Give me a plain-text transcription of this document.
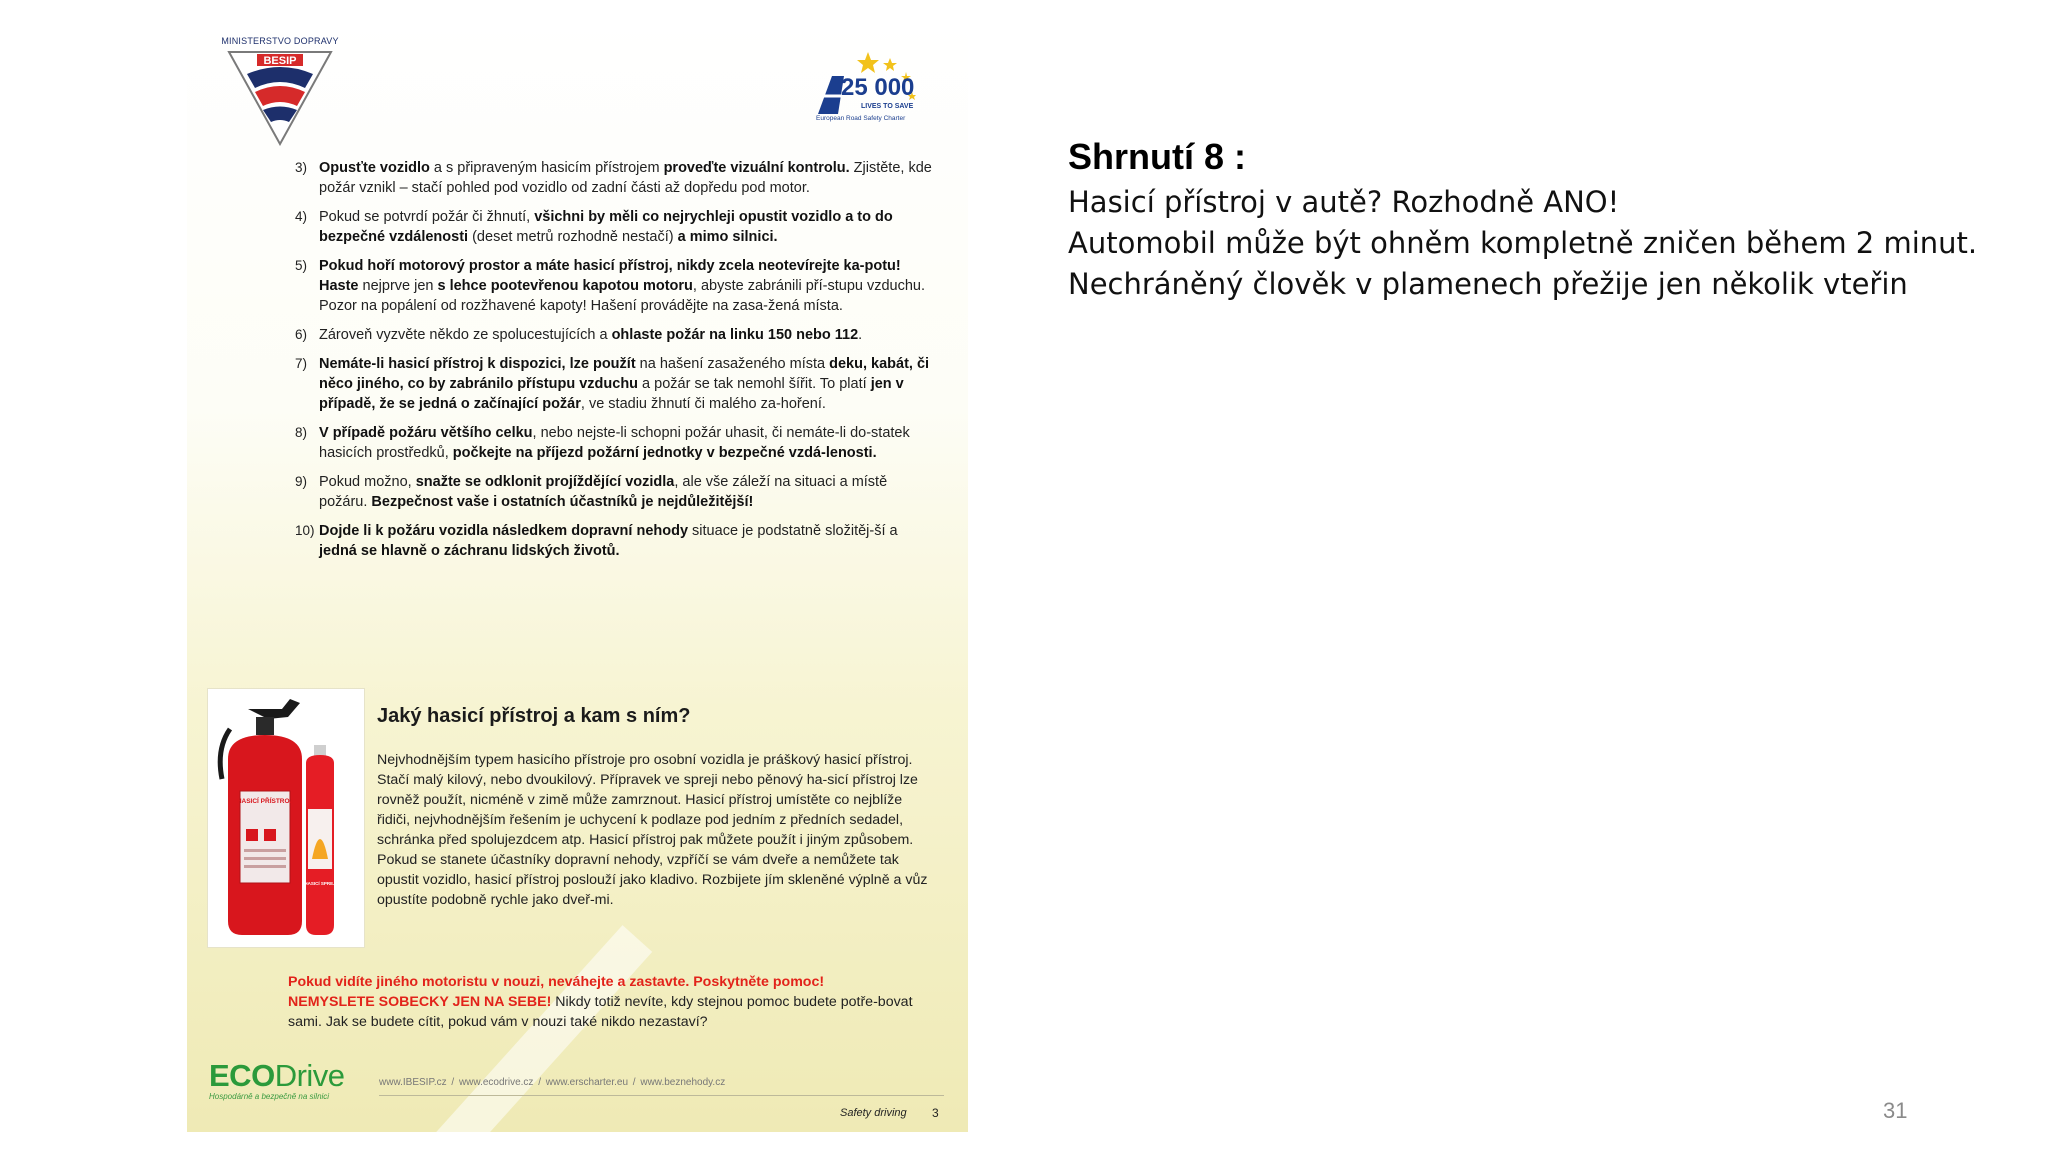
MINISTERSTVO DOPRAVY
BESIP
25 000
LIVES TO SAVE
European Road Safety Charter
3) Opusťte vozidlo a s připraveným hasicím přístrojem proveďte vizuální kontrolu. Zjistěte, kde požár vznikl – stačí pohled pod vozidlo od zadní části až dopředu pod motor.
4) Pokud se potvrdí požár či žhnutí, všichni by měli co nejrychleji opustit vozidlo a to do bezpečné vzdálenosti (deset metrů rozhodně nestačí) a mimo silnici.
5) Pokud hoří motorový prostor a máte hasicí přístroj, nikdy zcela neotevírejte ka-potu! Haste nejprve jen s lehce pootevřenou kapotou motoru, abyste zabránili pří-stupu vzduchu. Pozor na popálení od rozžhavené kapoty! Hašení provádějte na zasa-žená místa.
6) Zároveň vyzvěte někdo ze spolucestujících a ohlaste požár na linku 150 nebo 112.
7) Nemáte-li hasicí přístroj k dispozici, lze použít na hašení zasaženého místa deku, kabát, či něco jiného, co by zabránilo přístupu vzduchu a požár se tak nemohl šířit. To platí jen v případě, že se jedná o začínající požár, ve stadiu žhnutí či malého za-hoření.
8) V případě požáru většího celku, nebo nejste-li schopni požár uhasit, či nemáte-li do-statek hasicích prostředků, počkejte na příjezd požární jednotky v bezpečné vzdá-lenosti.
9) Pokud možno, snažte se odklonit projíždějící vozidla, ale vše záleží na situaci a místě požáru. Bezpečnost vaše i ostatních účastníků je nejdůležitější!
10) Dojde li k požáru vozidla následkem dopravní nehody situace je podstatně složitěj-ší a jedná se hlavně o záchranu lidských životů.
HASICÍ PŘÍSTROJ
HASICÍ SPREJ
Jaký hasicí přístroj a kam s ním?
Nejvhodnějším typem hasicího přístroje pro osobní vozidla je práškový hasicí přístroj. Stačí malý kilový, nebo dvoukilový. Přípravek ve spreji nebo pěnový ha-sicí přístroj lze rovněž použít, nicméně v zimě může zamrznout. Hasicí přístroj umístěte co nejblíže řidiči, nejvhodnějším řešením je uchycení k podlaze pod jedním z předních sedadel, schránka před spolujezdcem atp. Hasicí přístroj pak můžete použít i jiným způsobem. Pokud se stanete účastníky dopravní nehody, vzpříčí se vám dveře a nemůžete tak opustit vozidlo, hasicí přístroj poslouží jako kladivo. Rozbijete jím skleněné výplně a vůz opustíte podobně rychle jako dveř-mi.
Pokud vidíte jiného motoristu v nouzi, neváhejte a zastavte. Poskytněte pomoc!
NEMYSLETE SOBECKY JEN NA SEBE! Nikdy totiž nevíte, kdy stejnou pomoc budete potře-bovat sami. Jak se budete cítit, pokud vám v nouzi také nikdo nezastaví?
ECODrive
Hospodárně a bezpečně na silnici
www.IBESIP.cz / www.ecodrive.cz / www.erscharter.eu / www.beznehody.cz
Safety driving 3
Shrnutí 8 :
Hasicí přístroj v autě? Rozhodně ANO!
Automobil může být ohněm kompletně zničen během 2 minut.
Nechráněný člověk v plamenech přežije jen několik vteřin
31
